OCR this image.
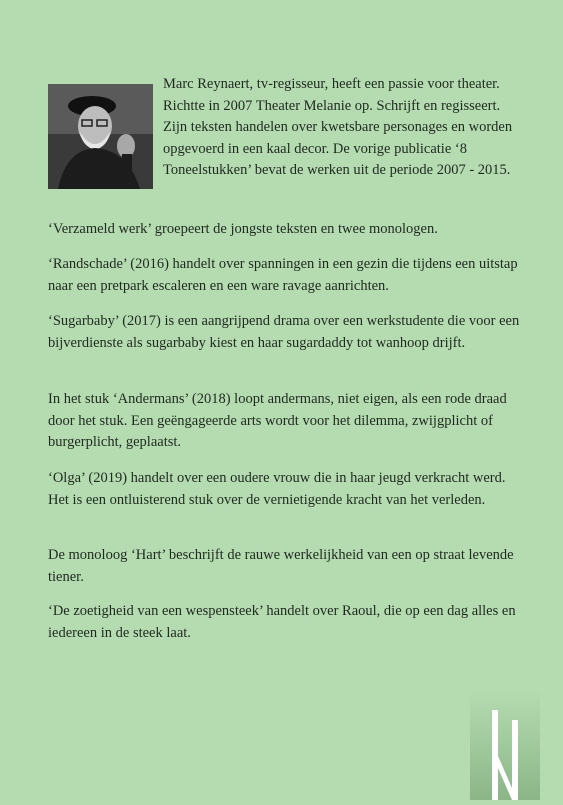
Marc Reynaert, tv-regisseur, heeft een passie voor theater. Richtte in 2007 Theater Melanie op. Schrijft en regisseert. Zijn teksten handelen over kwetsbare personages en worden opgevoerd in een kaal decor. De vorige publicatie ‘8 Toneelstukken’ bevat de werken uit de periode 2007 - 2015.

‘Verzameld werk’ groepeert de jongste teksten en twee monologen.

‘Randschade’ (2016) handelt over spanningen in een gezin die tijdens een uitstap naar een pretpark escaleren en een ware ravage aanrichten.

‘Sugarbaby’ (2017) is een aangrijpend drama over een werkstudente die voor een bijverdienste als sugarbaby kiest en haar sugardaddy tot wanhoop drijft.

In het stuk ‘Andermans’ (2018) loopt andermans, niet eigen, als een rode draad door het stuk. Een geëngageerde arts wordt voor het dilemma, zwijgplicht of burgerplicht, geplaatst.

‘Olga’ (2019) handelt over een oudere vrouw die in haar jeugd verkracht werd. Het is een ontluisterend stuk over de vernietigende kracht van het verleden.

De monoloog ‘Hart’ beschrijft de rauwe werkelijkheid van een op straat levende tiener.

‘De zoetigheid van een wespensteek’ handelt over Raoul, die op een dag alles en iedereen in de steek laat.
